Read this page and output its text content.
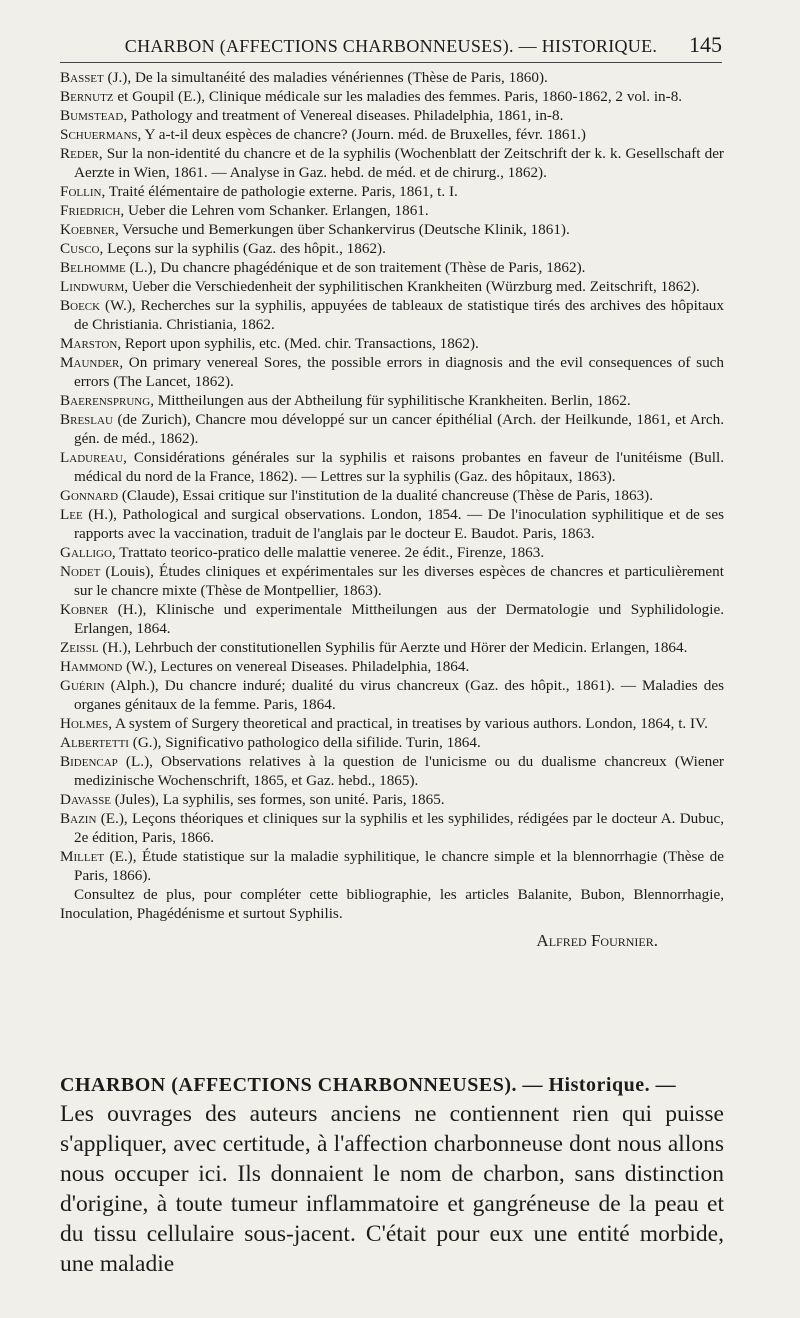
CHARBON (AFFECTIONS CHARBONNEUSES). — HISTORIQUE.	145

Basset (J.), De la simultanéité des maladies vénériennes (Thèse de Paris, 1860).

Bernutz et Goupil (E.), Clinique médicale sur les maladies des femmes. Paris, 1860-1862, 2 vol. in-8.

Bumstead, Pathology and treatment of Venereal diseases. Philadelphia, 1861, in-8.

Schuermans, Y a-t-il deux espèces de chancre? (Journ. méd. de Bruxelles, févr. 1861.)

Reder, Sur la non-identité du chancre et de la syphilis (Wochenblatt der Zeitschrift der k. k. Gesellschaft der Aerzte in Wien, 1861. — Analyse in Gaz. hebd. de méd. et de chirurg., 1862).

Follin, Traité élémentaire de pathologie externe. Paris, 1861, t. I.

Friedrich, Ueber die Lehren vom Schanker. Erlangen, 1861.

Koebner, Versuche und Bemerkungen über Schankervirus (Deutsche Klinik, 1861).

Cusco, Leçons sur la syphilis (Gaz. des hôpit., 1862).

Belhomme (L.), Du chancre phagédénique et de son traitement (Thèse de Paris, 1862).

Lindwurm, Ueber die Verschiedenheit der syphilitischen Krankheiten (Würzburg med. Zeitschrift, 1862).

Boeck (W.), Recherches sur la syphilis, appuyées de tableaux de statistique tirés des archives des hôpitaux de Christiania. Christiania, 1862.

Marston, Report upon syphilis, etc. (Med. chir. Transactions, 1862).

Maunder, On primary venereal Sores, the possible errors in diagnosis and the evil consequences of such errors (The Lancet, 1862).

Baerensprung, Mittheilungen aus der Abtheilung für syphilitische Krankheiten. Berlin, 1862.

Breslau (de Zurich), Chancre mou développé sur un cancer épithélial (Arch. der Heilkunde, 1861, et Arch. gén. de méd., 1862).

Ladureau, Considérations générales sur la syphilis et raisons probantes en faveur de l'unitéisme (Bull. médical du nord de la France, 1862). — Lettres sur la syphilis (Gaz. des hôpitaux, 1863).

Gonnard (Claude), Essai critique sur l'institution de la dualité chancreuse (Thèse de Paris, 1863).

Lee (H.), Pathological and surgical observations. London, 1854. — De l'inoculation syphilitique et de ses rapports avec la vaccination, traduit de l'anglais par le docteur E. Baudot. Paris, 1863.

Galligo, Trattato teorico-pratico delle malattie veneree. 2e édit., Firenze, 1863.

Nodet (Louis), Études cliniques et expérimentales sur les diverses espèces de chancres et particulièrement sur le chancre mixte (Thèse de Montpellier, 1863).

Kobner (H.), Klinische und experimentale Mittheilungen aus der Dermatologie und Syphilidologie. Erlangen, 1864.

Zeissl (H.), Lehrbuch der constitutionellen Syphilis für Aerzte und Hörer der Medicin. Erlangen, 1864.

Hammond (W.), Lectures on venereal Diseases. Philadelphia, 1864.

Guérin (Alph.), Du chancre induré; dualité du virus chancreux (Gaz. des hôpit., 1861). — Maladies des organes génitaux de la femme. Paris, 1864.

Holmes, A system of Surgery theoretical and practical, in treatises by various authors. London, 1864, t. IV.

Albertetti (G.), Significativo pathologico della sifilide. Turin, 1864.

Bidencap (L.), Observations relatives à la question de l'unicisme ou du dualisme chancreux (Wiener medizinische Wochenschrift, 1865, et Gaz. hebd., 1865).

Davasse (Jules), La syphilis, ses formes, son unité. Paris, 1865.

Bazin (E.), Leçons théoriques et cliniques sur la syphilis et les syphilides, rédigées par le docteur A. Dubuc, 2e édition, Paris, 1866.

Millet (E.), Étude statistique sur la maladie syphilitique, le chancre simple et la blennorrhagie (Thèse de Paris, 1866).

Consultez de plus, pour compléter cette bibliographie, les articles Balanite, Bubon, Blennorrhagie, Inoculation, Phagédénisme et surtout Syphilis.

Alfred Fournier.
CHARBON (AFFECTIONS CHARBONNEUSES). — Historique. —

Les ouvrages des auteurs anciens ne contiennent rien qui puisse s'appliquer, avec certitude, à l'affection charbonneuse dont nous allons nous occuper ici. Ils donnaient le nom de charbon, sans distinction d'origine, à toute tumeur inflammatoire et gangréneuse de la peau et du tissu cellulaire sous-jacent. C'était pour eux une entité morbide, une maladie
